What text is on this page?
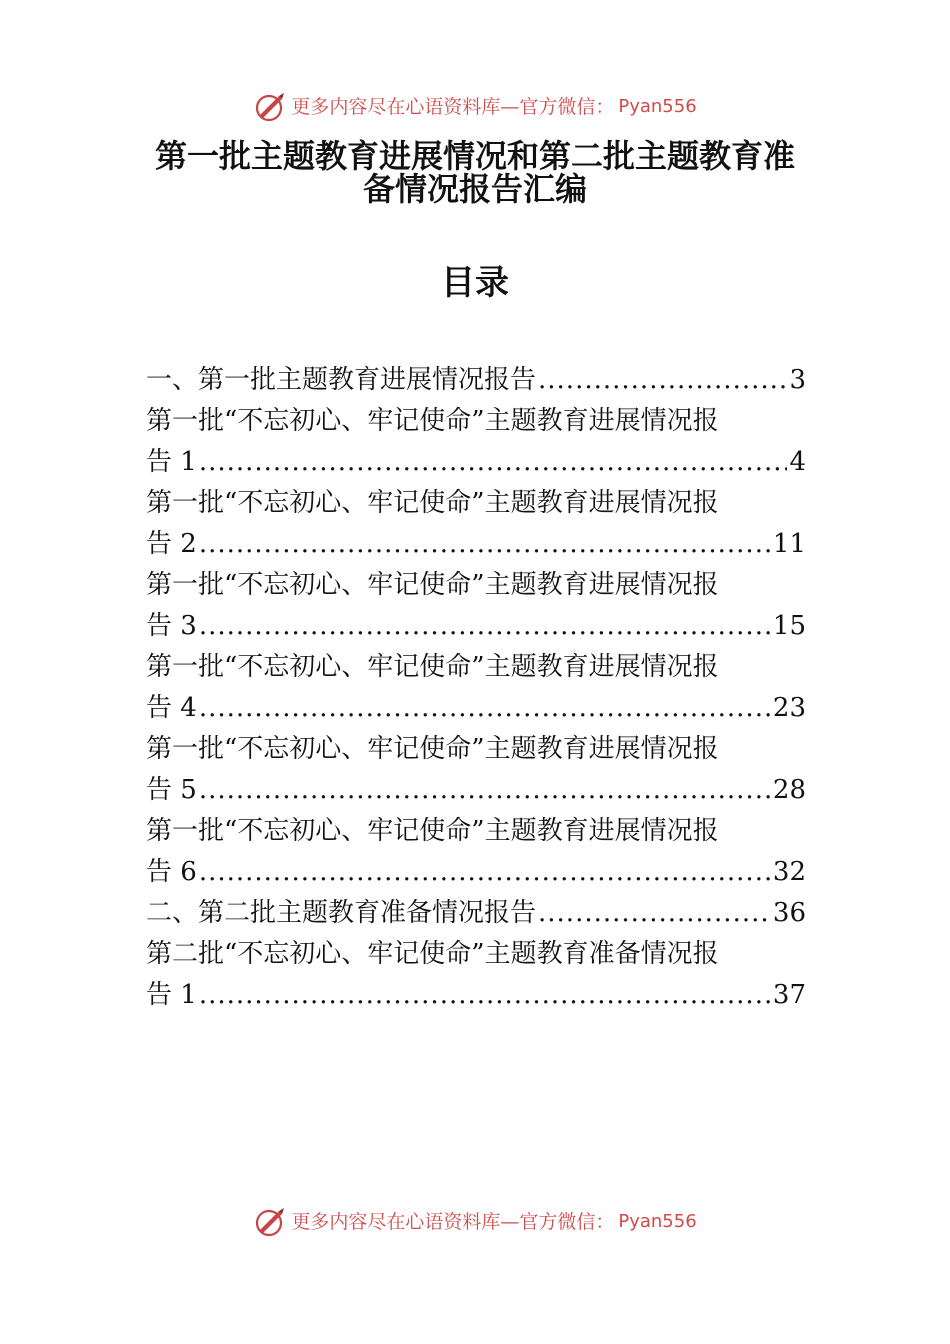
更多内容尽在心语资料库—官方微信： Pyan556
第一批主题教育进展情况和第二批主题教育准备情况报告汇编
目录
一、第一批主题教育进展情况报告 .....	3
第一批“不忘初心、牢记使命”主题教育进展情况报
告 1 .....	4
第一批“不忘初心、牢记使命”主题教育进展情况报
告 2 .....	11
第一批“不忘初心、牢记使命”主题教育进展情况报
告 3 .....	15
第一批“不忘初心、牢记使命”主题教育进展情况报
告 4 .....	23
第一批“不忘初心、牢记使命”主题教育进展情况报
告 5 .....	28
第一批“不忘初心、牢记使命”主题教育进展情况报
告 6 .....	32
二、第二批主题教育准备情况报告 .....	36
第二批“不忘初心、牢记使命”主题教育准备情况报
告 1 .....	37
更多内容尽在心语资料库—官方微信： Pyan556
